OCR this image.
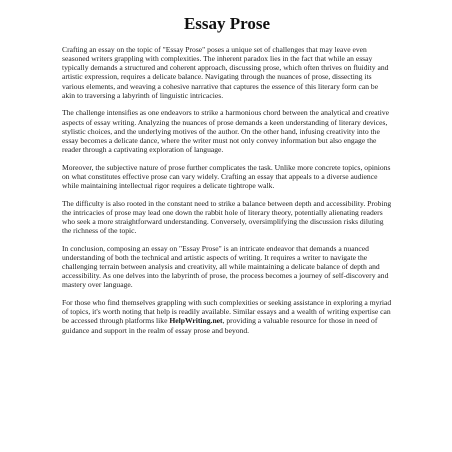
Essay Prose

Crafting an essay on the topic of "Essay Prose" poses a unique set of challenges that may leave even seasoned writers grappling with complexities. The inherent paradox lies in the fact that while an essay typically demands a structured and coherent approach, discussing prose, which often thrives on fluidity and artistic expression, requires a delicate balance. Navigating through the nuances of prose, dissecting its various elements, and weaving a cohesive narrative that captures the essence of this literary form can be akin to traversing a labyrinth of linguistic intricacies.

The challenge intensifies as one endeavors to strike a harmonious chord between the analytical and creative aspects of essay writing. Analyzing the nuances of prose demands a keen understanding of literary devices, stylistic choices, and the underlying motives of the author. On the other hand, infusing creativity into the essay becomes a delicate dance, where the writer must not only convey information but also engage the reader through a captivating exploration of language.

Moreover, the subjective nature of prose further complicates the task. Unlike more concrete topics, opinions on what constitutes effective prose can vary widely. Crafting an essay that appeals to a diverse audience while maintaining intellectual rigor requires a delicate tightrope walk.

The difficulty is also rooted in the constant need to strike a balance between depth and accessibility. Probing the intricacies of prose may lead one down the rabbit hole of literary theory, potentially alienating readers who seek a more straightforward understanding. Conversely, oversimplifying the discussion risks diluting the richness of the topic.

In conclusion, composing an essay on "Essay Prose" is an intricate endeavor that demands a nuanced understanding of both the technical and artistic aspects of writing. It requires a writer to navigate the challenging terrain between analysis and creativity, all while maintaining a delicate balance of depth and accessibility. As one delves into the labyrinth of prose, the process becomes a journey of self-discovery and mastery over language.

For those who find themselves grappling with such complexities or seeking assistance in exploring a myriad of topics, it's worth noting that help is readily available. Similar essays and a wealth of writing expertise can be accessed through platforms like HelpWriting.net, providing a valuable resource for those in need of guidance and support in the realm of essay prose and beyond.
